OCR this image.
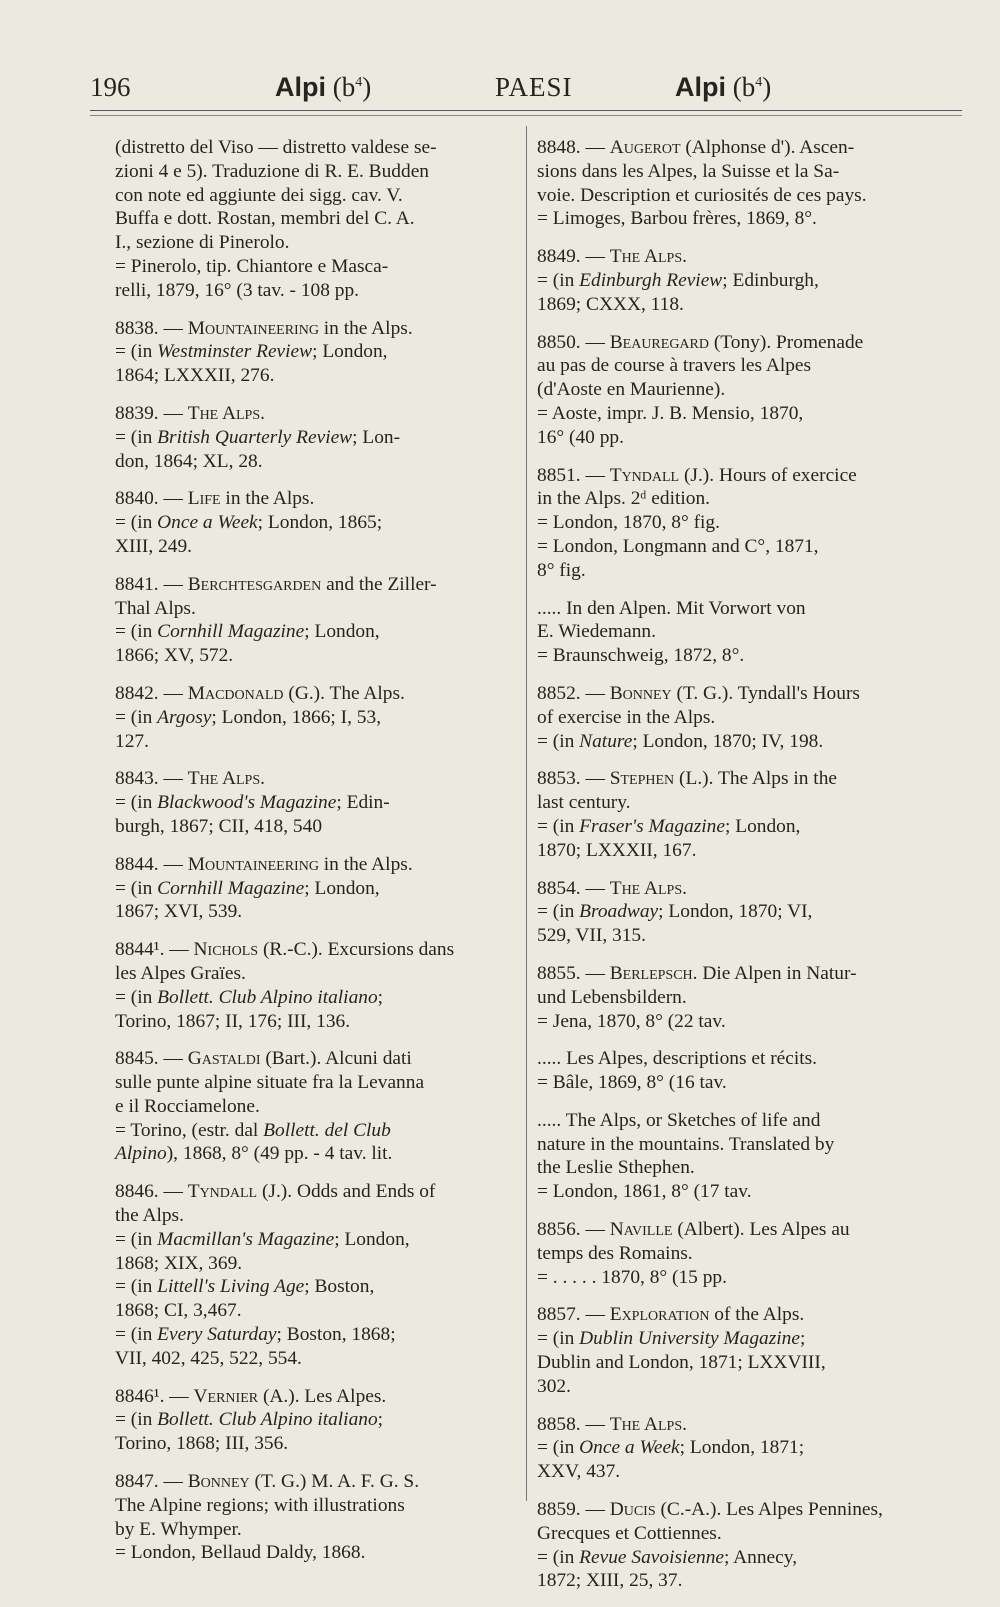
196	Alpi $(b^4)$	PAESI	Alpi $(b^4)$
(distretto del Viso — distretto valdese se-
zioni 4 e 5). Traduzione di R. E. Budden
con note ed aggiunte dei sigg. cav. V.
Buffa e dott. Rostan, membri del C. A.
I., sezione di Pinerolo.
= Pinerolo, tip. Chiantore e Masca-
relli, 1879, 16° (3 tav. - 108 pp.
8838. — Mountaineering in the Alps.
= (in Westminster Review; London,
1864; LXXXII, 276.
8839. — The Alps.
= (in British Quarterly Review; Lon-
don, 1864; XL, 28.
8840. — Life in the Alps.
= (in Once a Week; London, 1865;
XIII, 249.
8841. — Berchtesgarden and the Ziller-
Thal Alps.
= (in Cornhill Magazine; London,
1866; XV, 572.
8842. — Macdonald (G.). The Alps.
= (in Argosy; London, 1866; I, 53,
127.
8843. — The Alps.
= (in Blackwood's Magazine; Edin-
burgh, 1867; CII, 418, 540
8844. — Mountaineering in the Alps.
= (in Cornhill Magazine; London,
1867; XVI, 539.
8844¹. — Nichols (R.-C.). Excursions dans
les Alpes Graïes.
= (in Bollett. Club Alpino italiano;
Torino, 1867; II, 176; III, 136.
8845. — Gastaldi (Bart.). Alcuni dati
sulle punte alpine situate fra la Levanna
e il Rocciamelone.
= Torino, (estr. dal Bollett. del Club
Alpino), 1868, 8° (49 pp. - 4 tav. lit.
8846. — Tyndall (J.). Odds and Ends of
the Alps.
= (in Macmillan's Magazine; London,
1868; XIX, 369.
= (in Littell's Living Age; Boston,
1868; CI, 3,467.
= (in Every Saturday; Boston, 1868;
VII, 402, 425, 522, 554.
8846¹. — Vernier (A.). Les Alpes.
= (in Bollett. Club Alpino italiano;
Torino, 1868; III, 356.
8847. — Bonney (T. G.) M. A. F. G. S.
The Alpine regions; with illustrations
by E. Whymper.
= London, Bellaud Daldy, 1868.
8848. — Augerot (Alphonse d'). Ascen-
sions dans les Alpes, la Suisse et la Sa-
voie. Description et curiosités de ces pays.
= Limoges, Barbou frères, 1869, 8°.
8849. — The Alps.
= (in Edinburgh Review; Edinburgh,
1869; CXXX, 118.
8850. — Beauregard (Tony). Promenade
au pas de course à travers les Alpes
(d'Aoste en Maurienne).
= Aoste, impr. J. B. Mensio, 1870,
16° (40 pp.
8851. — Tyndall (J.). Hours of exercice
in the Alps. 2ᵈ edition.
= London, 1870, 8° fig.
= London, Longmann and C°, 1871,
8° fig.
..... In den Alpen. Mit Vorwort von
E. Wiedemann.
= Braunschweig, 1872, 8°.
8852. — Bonney (T. G.). Tyndall's Hours
of exercise in the Alps.
= (in Nature; London, 1870; IV, 198.
8853. — Stephen (L.). The Alps in the
last century.
= (in Fraser's Magazine; London,
1870; LXXXII, 167.
8854. — The Alps.
= (in Broadway; London, 1870; VI,
529, VII, 315.
8855. — Berlepsch. Die Alpen in Natur-
und Lebensbildern.
= Jena, 1870, 8° (22 tav.
..... Les Alpes, descriptions et récits.
= Bâle, 1869, 8° (16 tav.
..... The Alps, or Sketches of life and
nature in the mountains. Translated by
the Leslie Sthephen.
= London, 1861, 8° (17 tav.
8856. — Naville (Albert). Les Alpes au
temps des Romains.
= . . . . . 1870, 8° (15 pp.
8857. — Exploration of the Alps.
= (in Dublin University Magazine;
Dublin and London, 1871; LXXVIII,
302.
8858. — The Alps.
= (in Once a Week; London, 1871;
XXV, 437.
8859. — Ducis (C.-A.). Les Alpes Pennines,
Grecques et Cottiennes.
= (in Revue Savoisienne; Annecy,
1872; XIII, 25, 37.
